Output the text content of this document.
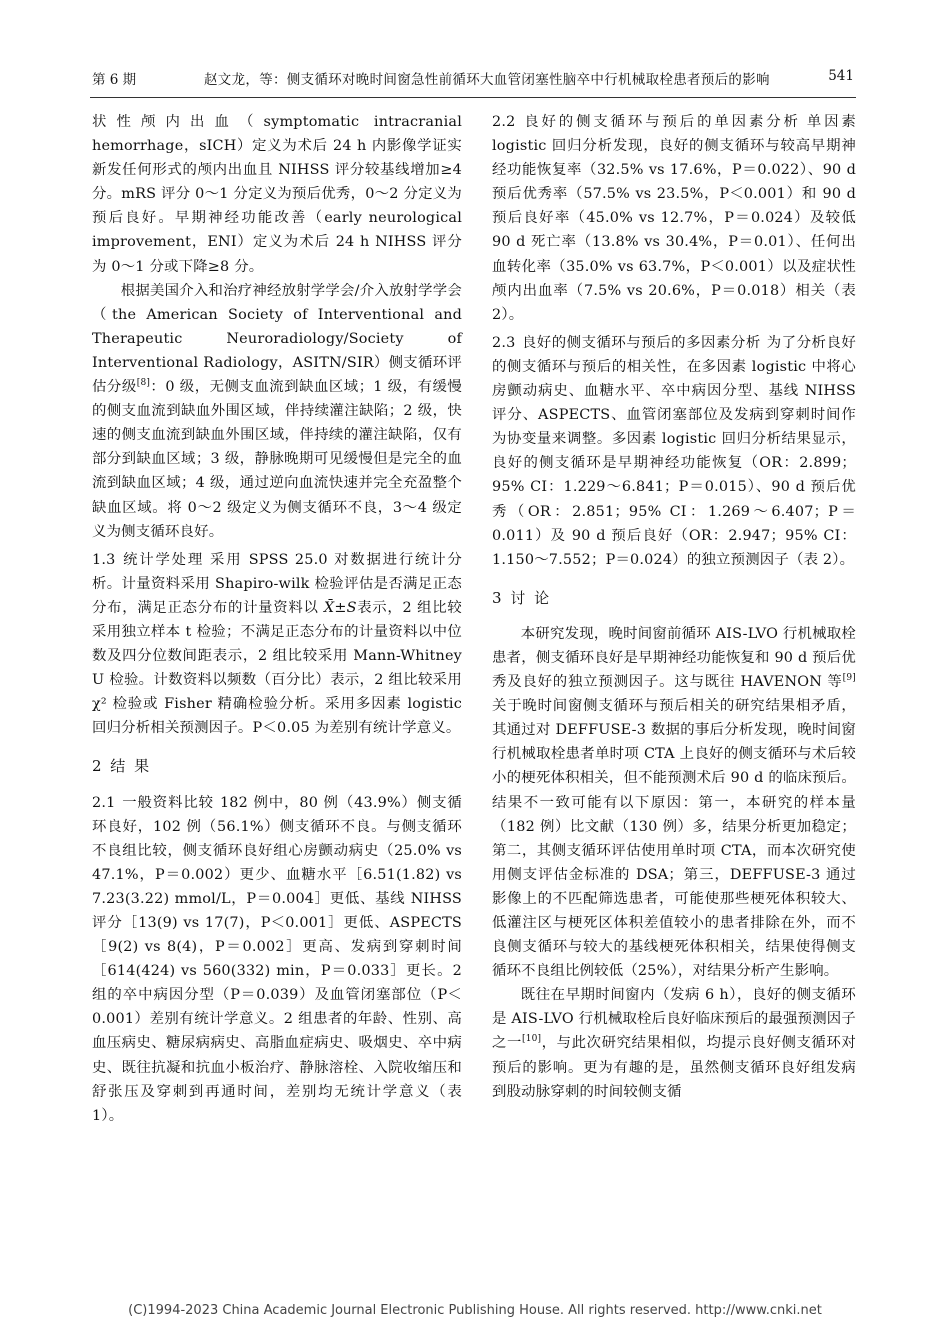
第 6 期	赵文龙，等：侧支循环对晚时间窗急性前循环大血管闭塞性脑卒中行机械取栓患者预后的影响	541

状性颅内出血（symptomatic intracranial hemorrhage，sICH）定义为术后 24 h 内影像学证实新发任何形式的颅内出血且 NIHSS 评分较基线增加≥4 分。mRS 评分 0～1 分定义为预后优秀，0～2 分定义为预后良好。早期神经功能改善（early neurological improvement，ENI）定义为术后 24 h NIHSS 评分为 0～1 分或下降≥8 分。

根据美国介入和治疗神经放射学学会/介入放射学学会（the American Society of Interventional and Therapeutic Neuroradiology/Society of Interventional Radiology，ASITN/SIR）侧支循环评估分级[8]：0 级，无侧支血流到缺血区域；1 级，有缓慢的侧支血流到缺血外围区域，伴持续灌注缺陷；2 级，快速的侧支血流到缺血外围区域，伴持续的灌注缺陷，仅有部分到缺血区域；3 级，静脉晚期可见缓慢但是完全的血流到缺血区域；4 级，通过逆向血流快速并完全充盈整个缺血区域。将 0～2 级定义为侧支循环不良，3～4 级定义为侧支循环良好。

1.3 统计学处理 采用 SPSS 25.0 对数据进行统计分析。计量资料采用 Shapiro-wilk 检验评估是否满足正态分布，满足正态分布的计量资料以 X̄±S表示，2 组比较采用独立样本 t 检验；不满足正态分布的计量资料以中位数及四分位数间距表示，2 组比较采用 Mann-Whitney U 检验。计数资料以频数（百分比）表示，2 组比较采用 χ² 检验或 Fisher 精确检验分析。采用多因素 logistic 回归分析相关预测因子。P＜0.05 为差别有统计学意义。

2 结 果

2.1 一般资料比较 182 例中，80 例（43.9%）侧支循环良好，102 例（56.1%）侧支循环不良。与侧支循环不良组比较，侧支循环良好组心房颤动病史（25.0% vs 47.1%，P＝0.002）更少、血糖水平［6.51(1.82) vs 7.23(3.22) mmol/L，P＝0.004］更低、基线 NIHSS 评分［13(9) vs 17(7)，P＜0.001］更低、ASPECTS［9(2) vs 8(4)，P＝0.002］更高、发病到穿刺时间［614(424) vs 560(332) min，P＝0.033］更长。2 组的卒中病因分型（P＝0.039）及血管闭塞部位（P＜0.001）差别有统计学意义。2 组患者的年龄、性别、高血压病史、糖尿病病史、高脂血症病史、吸烟史、卒中病史、既往抗凝和抗血小板治疗、静脉溶栓、入院收缩压和舒张压及穿刺到再通时间，差别均无统计学意义（表 1）。

2.2 良好的侧支循环与预后的单因素分析 单因素 logistic 回归分析发现，良好的侧支循环与较高早期神经功能恢复率（32.5% vs 17.6%，P＝0.022）、90 d 预后优秀率（57.5% vs 23.5%，P＜0.001）和 90 d 预后良好率（45.0% vs 12.7%，P＝0.024）及较低 90 d 死亡率（13.8% vs 30.4%，P＝0.01）、任何出血转化率（35.0% vs 63.7%，P＜0.001）以及症状性颅内出血率（7.5% vs 20.6%，P＝0.018）相关（表 2）。

2.3 良好的侧支循环与预后的多因素分析 为了分析良好的侧支循环与预后的相关性，在多因素 logistic 中将心房颤动病史、血糖水平、卒中病因分型、基线 NIHSS 评分、ASPECTS、血管闭塞部位及发病到穿刺时间作为协变量来调整。多因素 logistic 回归分析结果显示，良好的侧支循环是早期神经功能恢复（OR：2.899；95% CI：1.229～6.841；P＝0.015）、90 d 预后优秀（OR：2.851；95% CI：1.269～6.407；P＝0.011）及 90 d 预后良好（OR：2.947；95% CI：1.150～7.552；P＝0.024）的独立预测因子（表 2）。

3 讨 论

本研究发现，晚时间窗前循环 AIS-LVO 行机械取栓患者，侧支循环良好是早期神经功能恢复和 90 d 预后优秀及良好的独立预测因子。这与既往 HAVENON 等[9]关于晚时间窗侧支循环与预后相关的研究结果相矛盾，其通过对 DEFFUSE-3 数据的事后分析发现，晚时间窗行机械取栓患者单时项 CTA 上良好的侧支循环与术后较小的梗死体积相关，但不能预测术后 90 d 的临床预后。结果不一致可能有以下原因：第一，本研究的样本量（182 例）比文献（130 例）多，结果分析更加稳定；第二，其侧支循环评估使用单时项 CTA，而本次研究使用侧支评估金标准的 DSA；第三，DEFFUSE-3 通过影像上的不匹配筛选患者，可能使那些梗死体积较大、低灌注区与梗死区体积差值较小的患者排除在外，而不良侧支循环与较大的基线梗死体积相关，结果使得侧支循环不良组比例较低（25%），对结果分析产生影响。

既往在早期时间窗内（发病 6 h），良好的侧支循环是 AIS-LVO 行机械取栓后良好临床预后的最强预测因子之一[10]，与此次研究结果相似，均提示良好侧支循环对预后的影响。更为有趣的是，虽然侧支循环良好组发病到股动脉穿刺的时间较侧支循

(C)1994-2023 China Academic Journal Electronic Publishing House. All rights reserved. http://www.cnki.net
